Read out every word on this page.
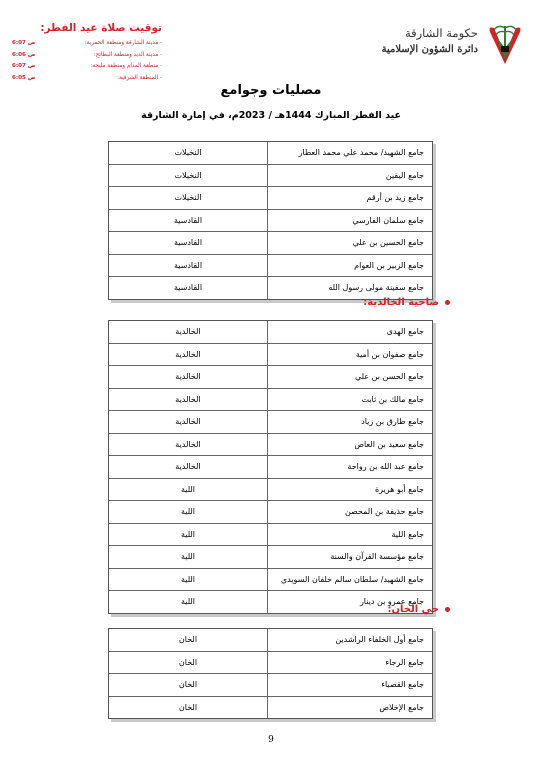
توقيت صلاة عيد الفطر:
- مدينة الشارقة ومنطقة الحمرية:
6:07 ص
- مدينة الذيد ومنطقة البطائح:
6:06 ص
- منطقة المدام ومنطقة مليحة:
6:07 ص
- المنطقة الشرقية:
6:05 ص
حكومة الشارقة
دائرة الشؤون الإسلامية
مصليات وجوامع
عيد الفطر المبارك 1444هـ / 2023م، في إمارة الشارقة
جامع الشهيد/ محمد علي محمد العطار
النخيلات
جامع اليقين
النخيلات
جامع زيد بن أرقم
النخيلات
جامع سلمان الفارسي
القادسية
جامع الحسين بن علي
القادسية
جامع الزبير بن العوام
القادسية
جامع سفينة مولى رسول الله
القادسية
ضاحية الخالدية:
جامع الهدى
الخالدية
جامع صفوان بن أمية
الخالدية
جامع الحسن بن علي
الخالدية
جامع مالك بن ثابت
الخالدية
جامع طارق بن زياد
الخالدية
جامع سعيد بن العاص
الخالدية
جامع عبد الله بن رواحة
الخالدية
جامع أبو هريرة
اللية
جامع حذيفة بن المحصن
اللية
جامع اللية
اللية
جامع مؤسسة القرآن والسنة
اللية
جامع الشهيد/ سلطان سالم خلفان السويدي
اللية
جامع عمرو بن دينار
اللية
حي الخان:
جامع أول الخلفاء الراشدين
الخان
جامع الرجاء
الخان
جامع القصباء
الخان
جامع الإخلاص
الخان
9
